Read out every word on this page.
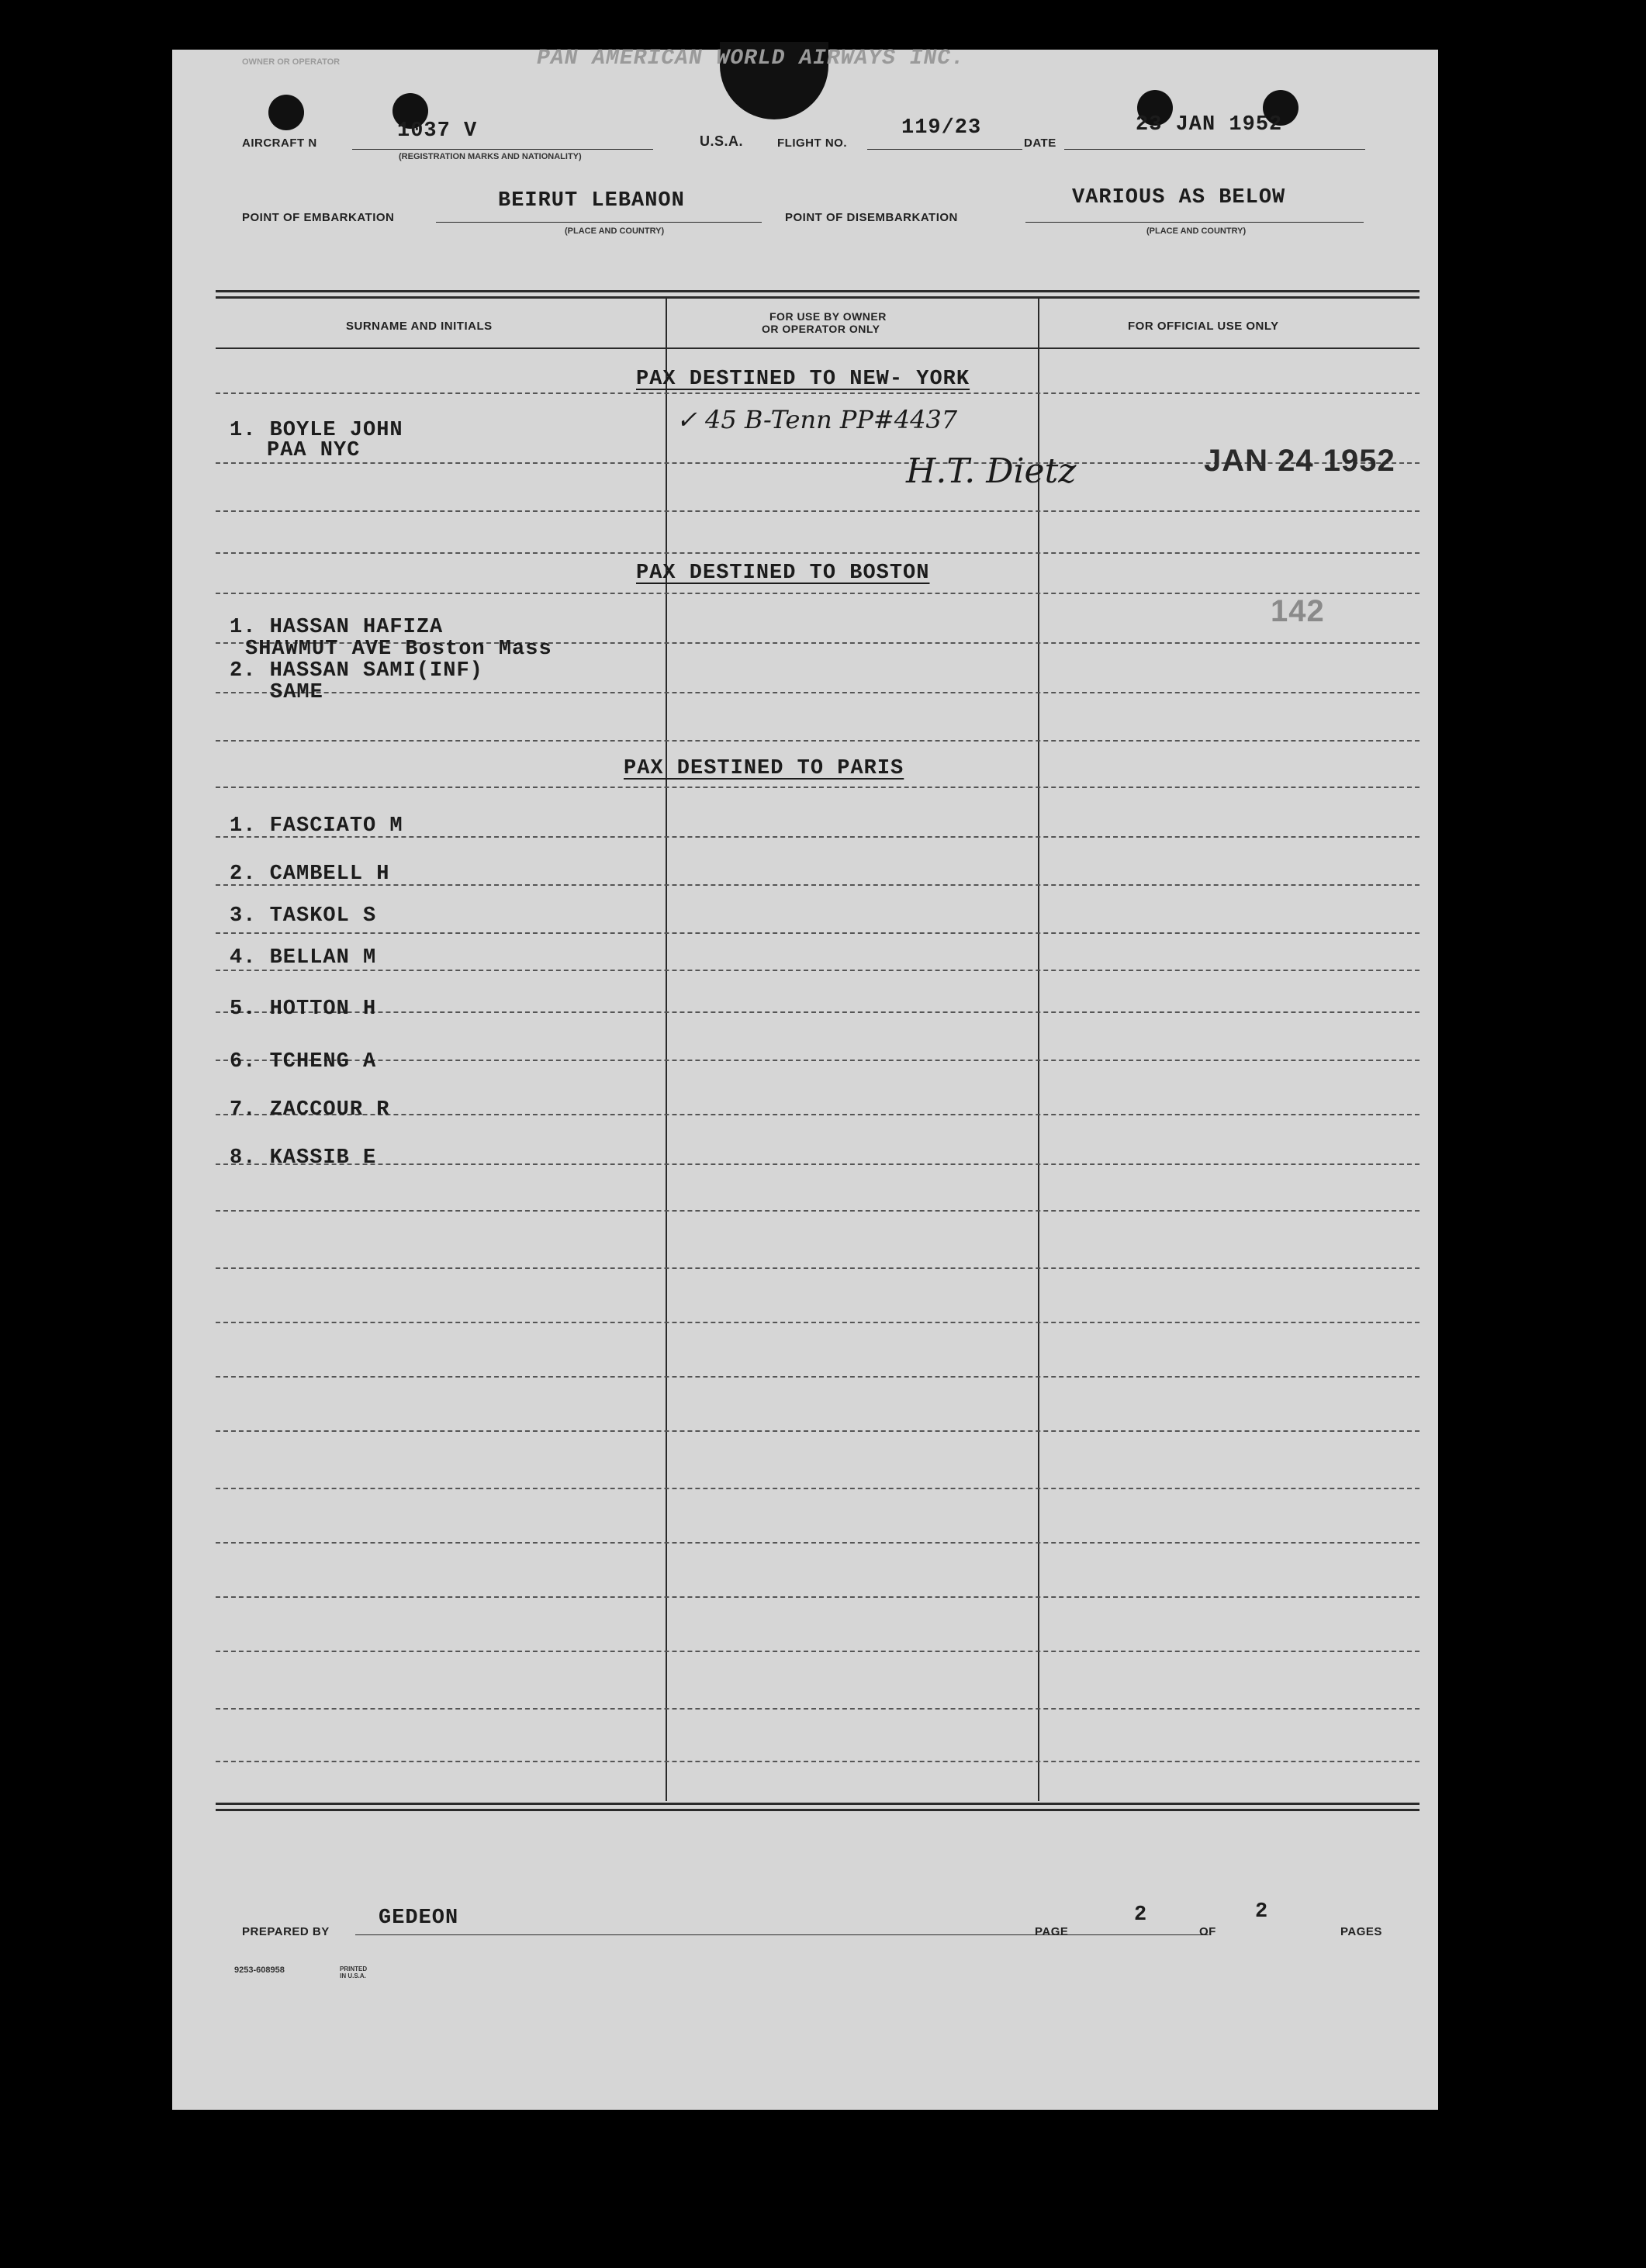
OWNER OR OPERATOR	PAN AMERICAN WORLD AIRWAYS INC.
AIRCRAFT N
1037 V
(REGISTRATION MARKS AND NATIONALITY)
U.S.A.	FLIGHT NO.
119/23
DATE
23 JAN 1952
POINT OF EMBARKATION
BEIRUT LEBANON
(PLACE AND COUNTRY)
POINT OF DISEMBARKATION
VARIOUS AS BELOW
(PLACE AND COUNTRY)
SURNAME AND INITIALS
FOR USE BY OWNER
OR OPERATOR ONLY	FOR OFFICIAL USE ONLY
PAX DESTINED TO NEW- YORK
1. BOYLE JOHN
PAA NYC
✓ 45 B-Tenn PP#4437
H.T. Dietz	JAN 24 1952
PAX DESTINED TO BOSTON
1. HASSAN HAFIZA
SHAWMUT AVE Boston Mass
2. HASSAN SAMI(INF)
SAME
142
PAX DESTINED TO PARIS
1. FASCIATO M
2. CAMBELL H
3. TASKOL S
4. BELLAN M
5. HOTTON H
6. TCHENG A
7. ZACCOUR R
8. KASSIB E
PREPARED BY
GEDEON
PAGE
2
OF
2
PAGES
9253-608958	PRINTED IN U.S.A.
